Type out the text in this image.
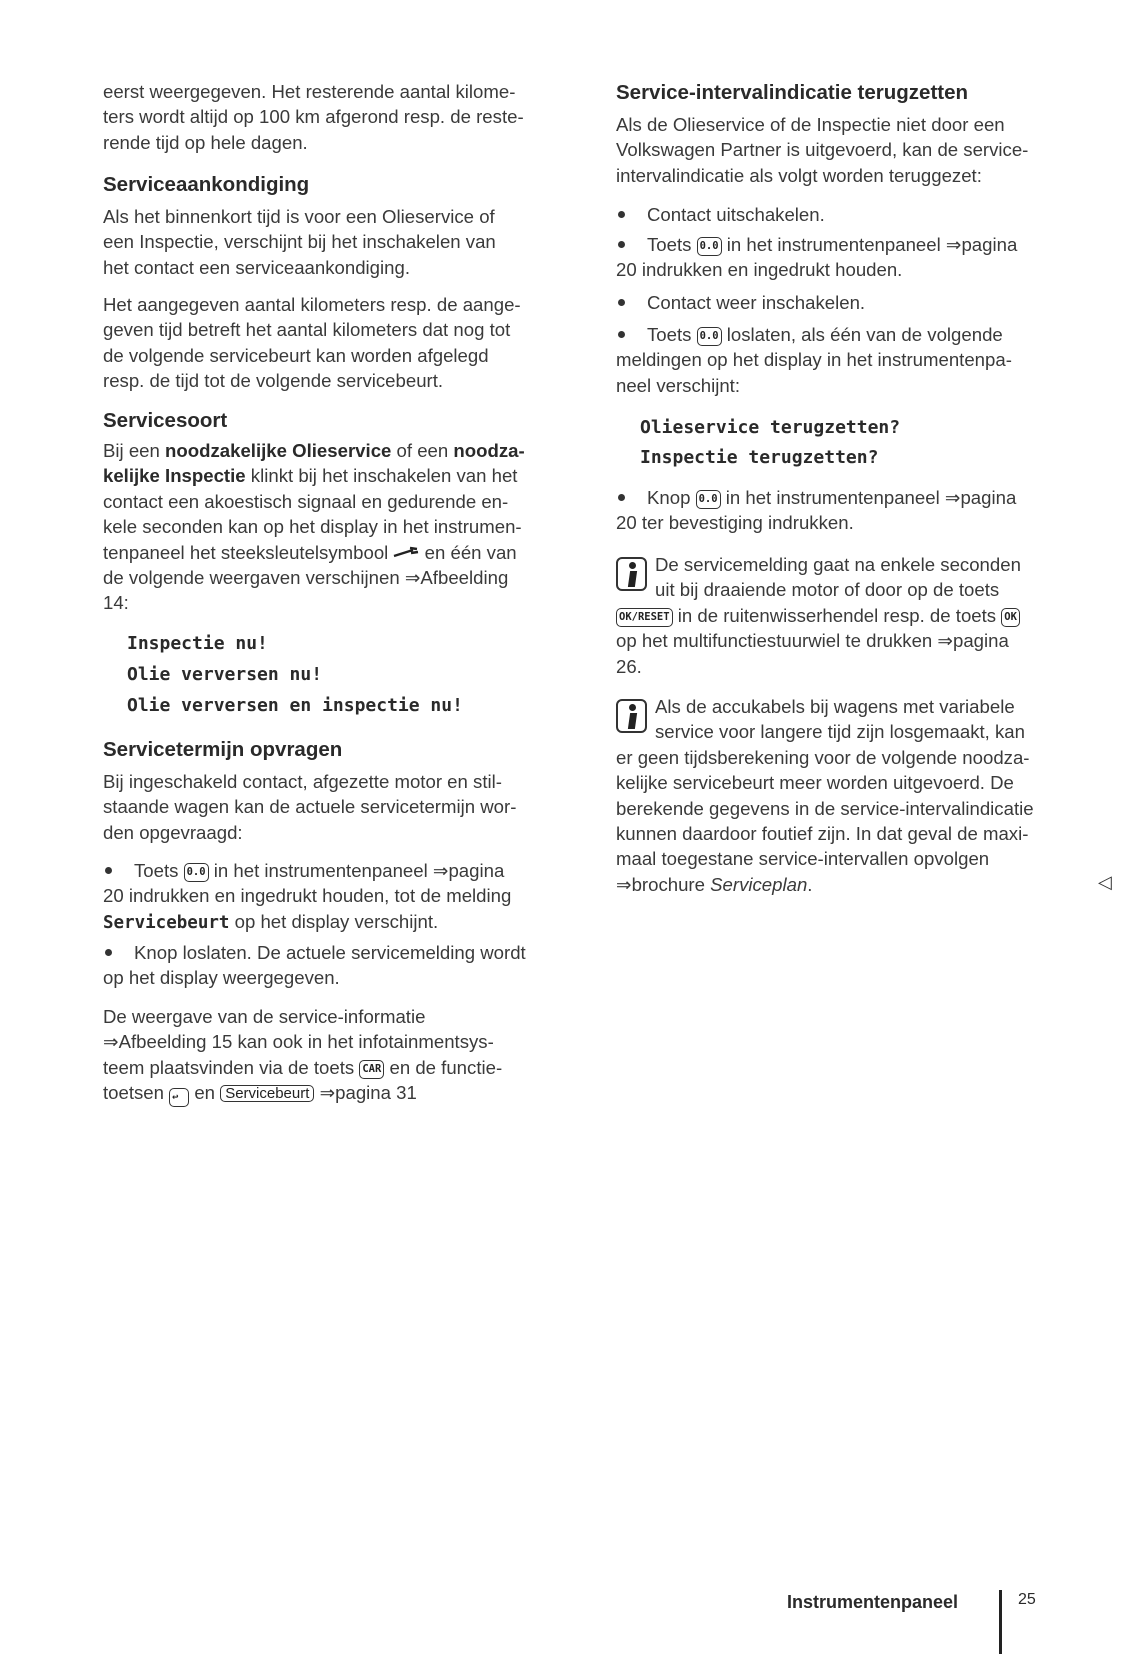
eerst weergegeven. Het resterende aantal kilome-
ters wordt altijd op 100 km afgerond resp. de reste-
rende tijd op hele dagen.
Serviceaankondiging
Als het binnenkort tijd is voor een Olieservice of
een Inspectie, verschijnt bij het inschakelen van
het contact een serviceaankondiging.
Het aangegeven aantal kilometers resp. de aange-
geven tijd betreft het aantal kilometers dat nog tot
de volgende servicebeurt kan worden afgelegd
resp. de tijd tot de volgende servicebeurt.
Servicesoort
Bij een noodzakelijke Olieservice of een noodza-
kelijke Inspectie klinkt bij het inschakelen van het
contact een akoestisch signaal en gedurende en-
kele seconden kan op het display in het instrumen-
tenpaneel het steeksleutelsymbool  en één van
de volgende weergaven verschijnen ⇒Afbeelding
14:
Inspectie nu!
Olie verversen nu!
Olie verversen en inspectie nu!
Servicetermijn opvragen
Bij ingeschakeld contact, afgezette motor en stil-
staande wagen kan de actuele servicetermijn wor-
den opgevraagd:
Toets 0.0 in het instrumentenpaneel ⇒pagina
20 indrukken en ingedrukt houden, tot de melding
Servicebeurt op het display verschijnt.
Knop loslaten. De actuele servicemelding wordt
op het display weergegeven.
De weergave van de service-informatie
⇒Afbeelding 15 kan ook in het infotainmentsys-
teem plaatsvinden via de toets CAR en de functie-
toetsen ↩ en Servicebeurt ⇒pagina 31
Service-intervalindicatie terugzetten
Als de Olieservice of de Inspectie niet door een
Volkswagen Partner is uitgevoerd, kan de service-
intervalindicatie als volgt worden teruggezet:
Contact uitschakelen.
Toets 0.0 in het instrumentenpaneel ⇒pagina
20 indrukken en ingedrukt houden.
Contact weer inschakelen.
Toets 0.0 loslaten, als één van de volgende
meldingen op het display in het instrumentenpa-
neel verschijnt:
Olieservice terugzetten?
Inspectie terugzetten?
Knop 0.0 in het instrumentenpaneel ⇒pagina
20 ter bevestiging indrukken.
De servicemelding gaat na enkele seconden
uit bij draaiende motor of door op de toets
OK/RESET in de ruitenwisserhendel resp. de toets OK
op het multifunctiestuurwiel te drukken ⇒pagina
26.
Als de accukabels bij wagens met variabele
service voor langere tijd zijn losgemaakt, kan
er geen tijdsberekening voor de volgende noodza-
kelijke servicebeurt meer worden uitgevoerd. De
berekende gegevens in de service-intervalindicatie
kunnen daardoor foutief zijn. In dat geval de maxi-
maal toegestane service-intervallen opvolgen
⇒brochure Serviceplan.	◁
Instrumentenpaneel	25
